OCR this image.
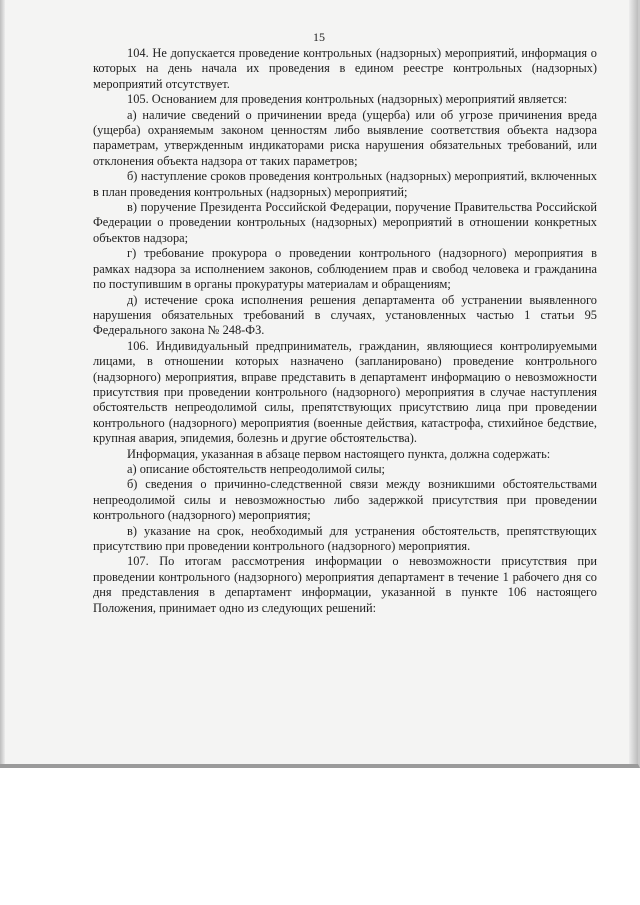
15

104. Не допускается проведение контрольных (надзорных) мероприятий, информация о которых на день начала их проведения в едином реестре контрольных (надзорных) мероприятий отсутствует.

105. Основанием для проведения контрольных (надзорных) мероприятий является:

а) наличие сведений о причинении вреда (ущерба) или об угрозе причинения вреда (ущерба) охраняемым законом ценностям либо выявление соответствия объекта надзора параметрам, утвержденным индикаторами риска нарушения обязательных требований, или отклонения объекта надзора от таких параметров;

б) наступление сроков проведения контрольных (надзорных) мероприятий, включенных в план проведения контрольных (надзорных) мероприятий;

в) поручение Президента Российской Федерации, поручение Правительства Российской Федерации о проведении контрольных (надзорных) мероприятий в отношении конкретных объектов надзора;

г) требование прокурора о проведении контрольного (надзорного) мероприятия в рамках надзора за исполнением законов, соблюдением прав и свобод человека и гражданина по поступившим в органы прокуратуры материалам и обращениям;

д) истечение срока исполнения решения департамента об устранении выявленного нарушения обязательных требований в случаях, установленных частью 1 статьи 95 Федерального закона № 248-ФЗ.

106. Индивидуальный предприниматель, гражданин, являющиеся контролируемыми лицами, в отношении которых назначено (запланировано) проведение контрольного (надзорного) мероприятия, вправе представить в департамент информацию о невозможности присутствия при проведении контрольного (надзорного) мероприятия в случае наступления обстоятельств непреодолимой силы, препятствующих присутствию лица при проведении контрольного (надзорного) мероприятия (военные действия, катастрофа, стихийное бедствие, крупная авария, эпидемия, болезнь и другие обстоятельства).

Информация, указанная в абзаце первом настоящего пункта, должна содержать:

а) описание обстоятельств непреодолимой силы;

б) сведения о причинно-следственной связи между возникшими обстоятельствами непреодолимой силы и невозможностью либо задержкой присутствия при проведении контрольного (надзорного) мероприятия;

в) указание на срок, необходимый для устранения обстоятельств, препятствующих присутствию при проведении контрольного (надзорного) мероприятия.

107. По итогам рассмотрения информации о невозможности присутствия при проведении контрольного (надзорного) мероприятия департамент в течение 1 рабочего дня со дня представления в департамент информации, указанной в пункте 106 настоящего Положения, принимает одно из следующих решений:
